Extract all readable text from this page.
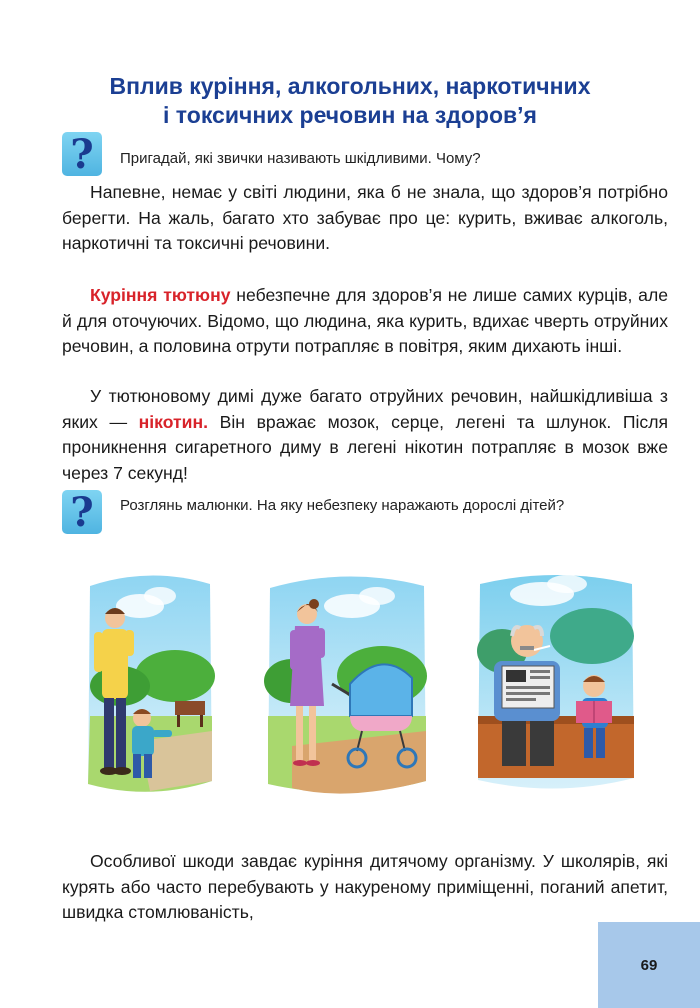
Вплив куріння, алкогольних, наркотичних
і токсичних речовин на здоров’я
?	Пригадай, які звички називають шкідливими. Чому?

Напевне, немає у світі людини, яка б не знала, що здоров’я потрібно берегти. На жаль, багато хто забуває про це: курить, вживає алкоголь, наркотичні та токсичні речовини.

Куріння тютюну небезпечне для здоров’я не лише самих курців, але й для оточуючих. Відомо, що людина, яка курить, вдихає чверть отруйних речовин, а половина отрути потрапляє в повітря, яким дихають інші.

У тютюновому димі дуже багато отруйних речовин, найшкідливіша з яких — нікотин. Він вражає мозок, серце, легені та шлунок. Після проникнення сигаретного диму в легені нікотин потрапляє в мозок вже через 7 секунд!

?	Розглянь малюнки. На яку небезпеку наражають дорослі дітей?

Особливої шкоди завдає куріння дитячому організму. У школярів, які курять або часто перебувають у накуреному приміщенні, поганий апетит, швидка стомлюваність,

69
